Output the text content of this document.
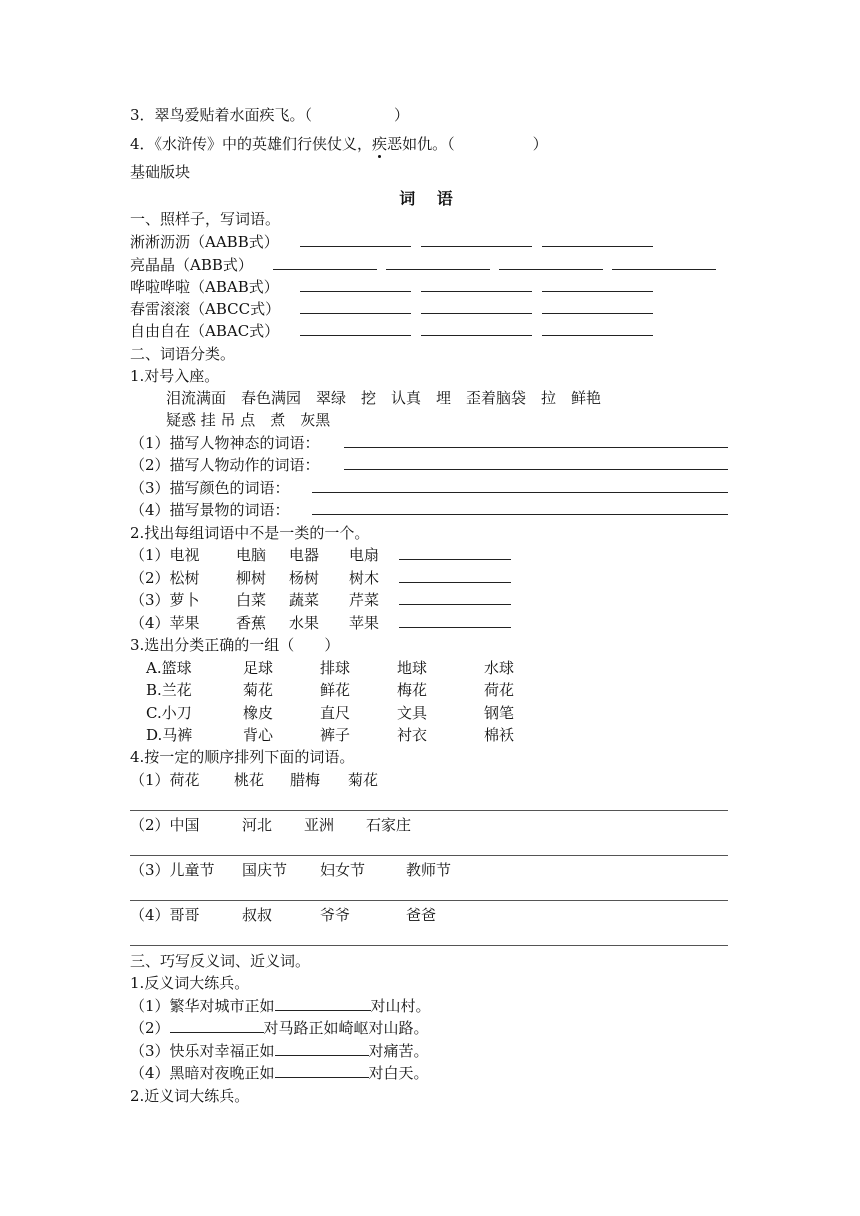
3．翠鸟爱贴着水面疾飞。（	）
4．《水浒传》中的英雄们行侠仗义，疾恶如仇。（	）
基础版块
词 语
一、照样子，写词语。
淅淅沥沥（AABB式）
亮晶晶（ABB式）
哗啦哗啦（ABAB式）
春雷滚滚（ABCC式）
自由自在（ABAC式）
二、词语分类。
1.对号入座。
泪流满面　春色满园　翠绿　挖　认真　埋　歪着脑袋　拉　鲜艳
疑惑 挂 吊 点　煮　灰黑
（1）描写人物神态的词语：
（2）描写人物动作的词语：
（3）描写颜色的词语：
（4）描写景物的词语：
2.找出每组词语中不是一类的一个。
（1）电视 电脑 电器 电扇
（2）松树 柳树 杨树 树木
（3）萝卜 白菜 蔬菜 芹菜
（4）苹果 香蕉 水果 苹果
3.选出分类正确的一组（　　）
A.篮球	足球	排球	地球	水球
B.兰花	菊花	鲜花	梅花	荷花
C.小刀	橡皮	直尺	文具	钢笔
D.马裤	背心	裤子	衬衣	棉袄
4.按一定的顺序排列下面的词语。
（1）荷花 桃花 腊梅 菊花
（2）中国	河北 亚洲 石家庄
（3）儿童节 国庆节 妇女节	教师节
（4）哥哥	叔叔	爷爷	爸爸
三、巧写反义词、近义词。
1.反义词大练兵。
（1）繁华对城市正如	对山村。
（2）	对马路正如崎岖对山路。
（3）快乐对幸福正如	对痛苦。
（4）黑暗对夜晚正如	对白天。
2.近义词大练兵。
